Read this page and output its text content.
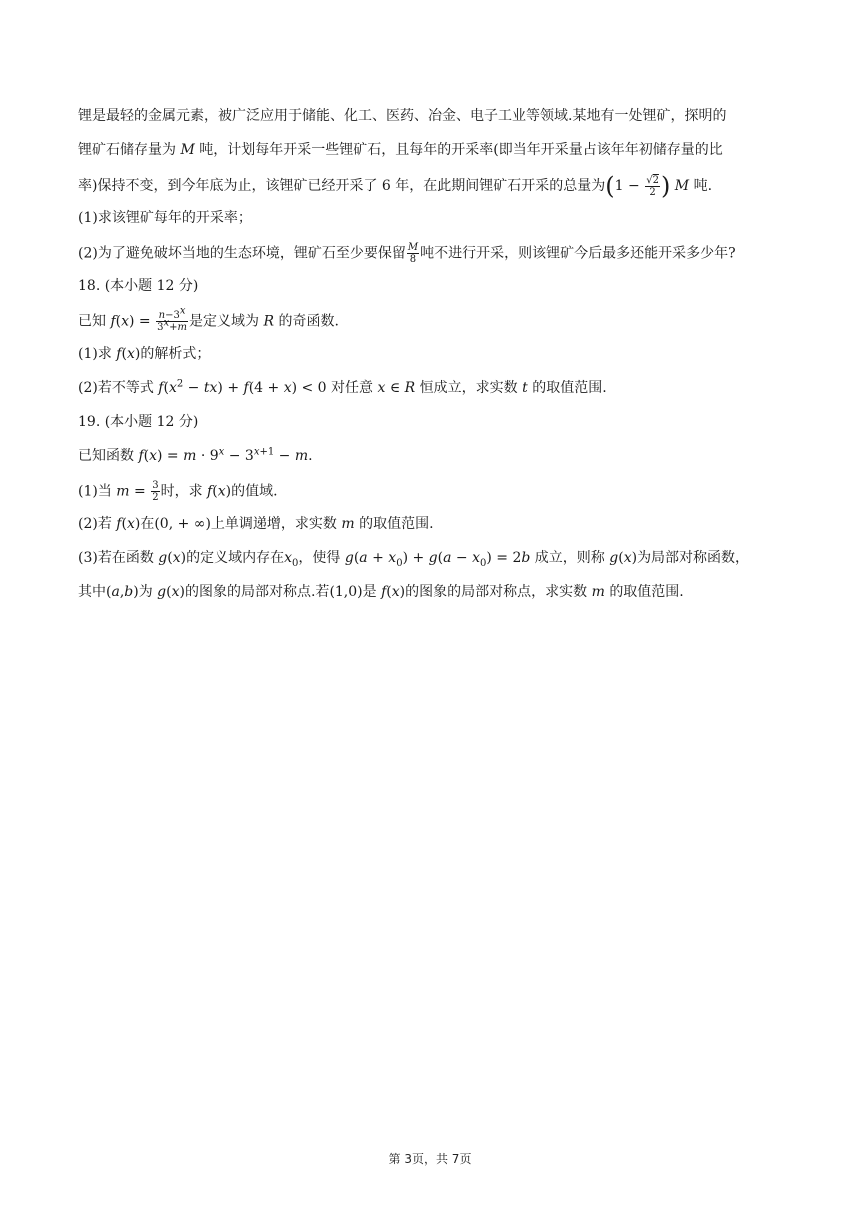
锂是最轻的金属元素，被广泛应用于储能、化工、医药、冶金、电子工业等领域.某地有一处锂矿，探明的
锂矿石储存量为 M 吨，计划每年开采一些锂矿石，且每年的开采率(即当年开采量占该年年初储存量的比
率)保持不变，到今年底为止，该锂矿已经开采了 6 年，在此期间锂矿石开采的总量为($1 - \frac{√2}{2}$ ) M 吨.
(1)求该锂矿每年的开采率；
(2)为了避免破坏当地的生态环境，锂矿石至少要保留 $\frac{M}{8}$ 吨不进行开采，则该锂矿今后最多还能开采多少年?
18. (本小题 12 分)
已知 $f(x) = \frac{n-3^x}{3^x+m}$ 是定义域为 R 的奇函数.
(1)求 f(x)的解析式；
(2)若不等式 $f(x^2 - tx) + f(4 + x) < 0$ 对任意 x ∈ R 恒成立，求实数 t 的取值范围.
19. (本小题 12 分)
已知函数 $f(x) = m \cdot 9^x - 3^{x+1} - m$.
(1)当 $m = \frac{3}{2}$ 时，求 f(x)的值域.
(2)若 f(x)在(0, + ∞)上单调递增，求实数 m 的取值范围.
(3)若在函数 g(x)的定义域内存在$x_0$，使得 $g(a + x_0) + g(a - x_0) = 2b$ 成立，则称 g(x)为局部对称函数，
其中(a,b)为 g(x)的图象的局部对称点.若(1,0)是 f(x)的图象的局部对称点，求实数 m 的取值范围.
第 3页，共 7页
